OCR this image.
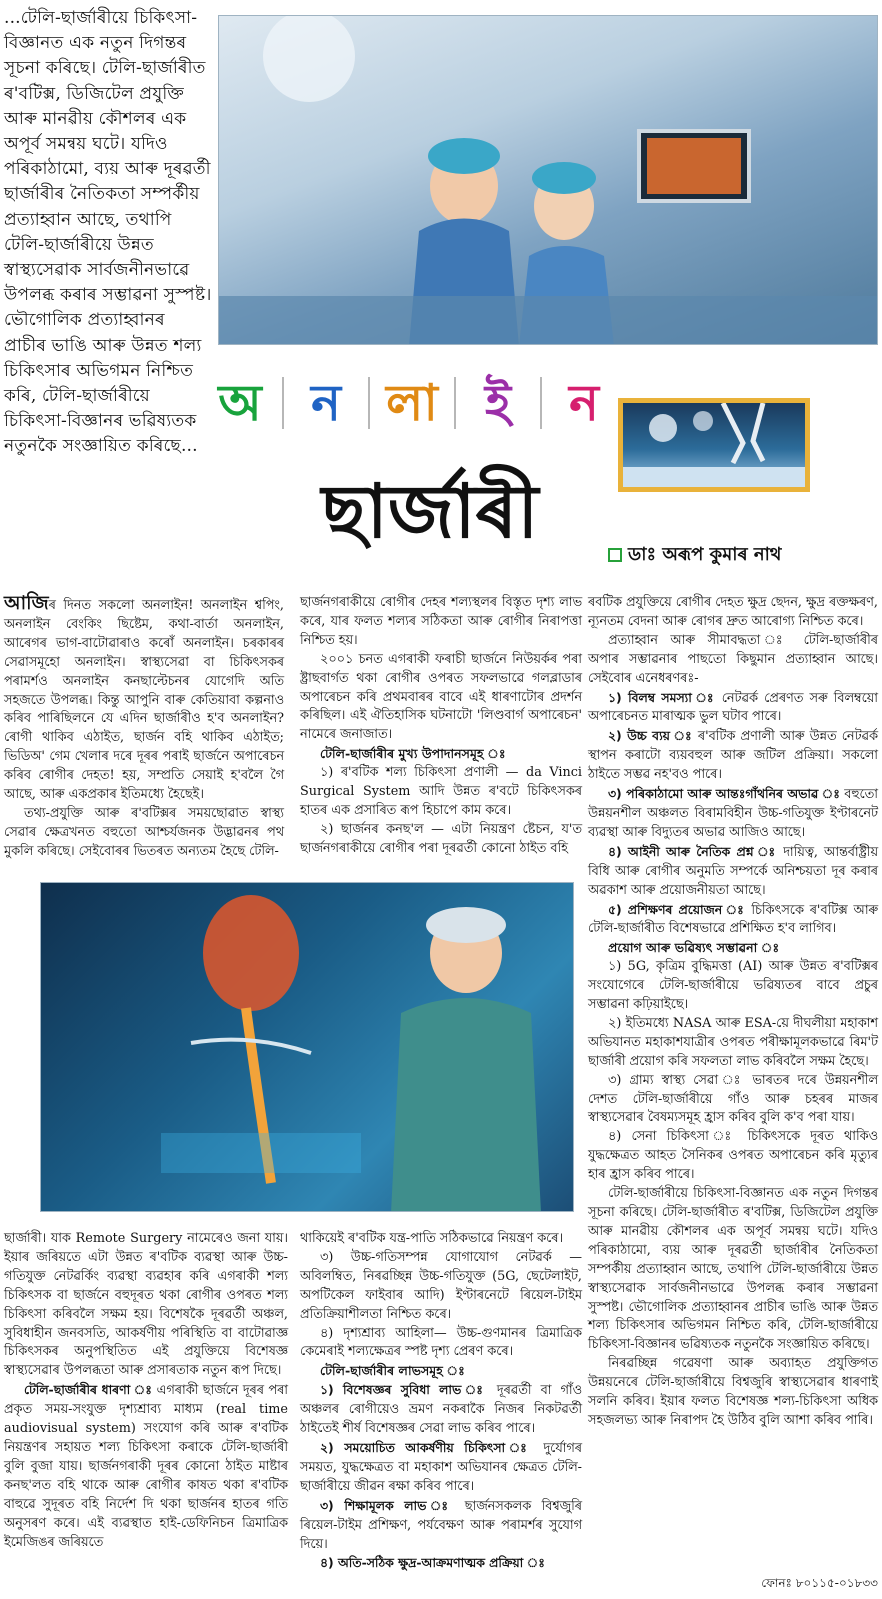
...টেলি-ছাৰ্জাৰীয়ে চিকিৎসা-বিজ্ঞানত এক নতুন দিগন্তৰ সূচনা কৰিছে। টেলি-ছাৰ্জাৰীত ৰ'বটিক্স, ডিজিটেল প্ৰযুক্তি আৰু মানৱীয় কৌশলৰ এক অপূৰ্ব সমন্বয় ঘটে। যদিও পৰিকাঠামো, ব্যয় আৰু দূৰৱৰ্তী ছাৰ্জাৰীৰ নৈতিকতা সম্পৰ্কীয় প্ৰত্যাহ্বান আছে, তথাপি টেলি-ছাৰ্জাৰীয়ে উন্নত স্বাস্থ্যসেৱাক সাৰ্বজনীনভাৱে উপলব্ধ কৰাৰ সম্ভাৱনা সুস্পষ্ট। ভৌগোলিক প্ৰত্যাহ্বানৰ প্ৰাচীৰ ভাঙি আৰু উন্নত শল্য চিকিৎসাৰ অভিগমন নিশ্চিত কৰি, টেলি-ছাৰ্জাৰীয়ে চিকিৎসা-বিজ্ঞানৰ ভৱিষ্যতক নতুনকৈ সংজ্ঞায়িত কৰিছে...
অ ন লা ই	ন
ছাৰ্জাৰী	ডাঃ অৰূপ কুমাৰ নাথ

আজিৰ দিনত সকলো অনলাইন! অনলাইন শ্বপিং, অনলাইন বেংকিং ছিষ্টেম, কথা-বাৰ্তা অনলাইন, আৰেগৰ ভাগ-বাটোৱাৰাও কৰোঁ অনলাইন। চৰকাৰৰ সেৱাসমূহো অনলাইন। স্বাস্থ্যসেৱা বা চিকিৎসকৰ পৰামৰ্শও অনলাইন কনছাল্টেচনৰ যোগেদি অতি সহজতে উপলব্ধ। কিন্তু আপুনি বাৰু কেতিয়াবা কল্পনাও কৰিব পাৰিছিলনে যে এদিন ছাৰ্জাৰীও হ'ব অনলাইন? ৰোগী থাকিব এঠাইত, ছাৰ্জন বহি থাকিব এঠাইত; ভিডিঅ' গেম খেলাৰ দৰে দূৰৰ পৰাই ছাৰ্জনে অপাৰেচন কৰিব ৰোগীৰ দেহত! হয়, সম্প্ৰতি সেয়াই হ'বলৈ গৈ আছে, আৰু একপ্ৰকাৰ ইতিমধ্যে হৈছেই।

তথ্য-প্ৰযুক্তি আৰু ৰ'বটিক্সৰ সময়ছোৱাত স্বাস্থ্য সেৱাৰ ক্ষেত্ৰখনত বহুতো আশ্চৰ্যজনক উদ্ভাৱনৰ পথ মুকলি কৰিছে। সেইবোৰৰ ভিতৰত অন্যতম হৈছে টেলি-

ছাৰ্জনগৰাকীয়ে ৰোগীৰ দেহৰ শল্যস্থলৰ বিস্তৃত দৃশ্য লাভ কৰে, যাৰ ফলত শল্যৰ সঠিকতা আৰু ৰোগীৰ নিৰাপত্তা নিশ্চিত হয়।

২০০১ চনত এগৰাকী ফৰাচী ছাৰ্জনে নিউয়ৰ্কৰ পৰা ষ্ট্ৰাছবাৰ্গত থকা ৰোগীৰ ওপৰত সফলভাৱে গলব্লাডাৰ অপাৰেচন কৰি প্ৰথমবাৰৰ বাবে এই ধাৰণাটোৰ প্ৰদৰ্শন কৰিছিল। এই ঐতিহাসিক ঘটনাটো 'লিণ্ডবাৰ্গ অপাৰেচন' নামেৰে জনাজাত।

টেলি-ছাৰ্জাৰীৰ মুখ্য উপাদানসমূহ ঃ

১) ৰ'বটিক শল্য চিকিৎসা প্ৰণালী — da Vinci Surgical System আদি উন্নত ৰ'বটে চিকিৎসকৰ হাতৰ এক প্ৰসাৰিত ৰূপ হিচাপে কাম কৰে।

২) ছাৰ্জনৰ কনছ'ল — এটা নিয়ন্ত্ৰণ ষ্টেচন, য'ত ছাৰ্জনগৰাকীয়ে ৰোগীৰ পৰা দূৰৱৰ্তী কোনো ঠাইত বহি

ৰবটিক প্ৰযুক্তিয়ে ৰোগীৰ দেহত ক্ষুদ্ৰ ছেদন, ক্ষুদ্ৰ ৰক্তক্ষৰণ, ন্যূনতম বেদনা আৰু ৰোগৰ দ্ৰুত আৰোগ্য নিশ্চিত কৰে।

প্ৰত্যাহ্বান আৰু সীমাবদ্ধতা ঃ টেলি-ছাৰ্জাৰীৰ অপাৰ সম্ভাৱনাৰ পাছতো কিছুমান প্ৰত্যাহ্বান আছে। সেইবোৰ এনেধৰণৰঃ-

১) বিলম্ব সমস্যা ঃ নেটৱৰ্ক প্ৰেৰণত সৰু বিলম্বয়ো অপাৰেচনত মাৰাত্মক ভুল ঘটাব পাৰে।

২) উচ্চ ব্যয় ঃ ৰ'বটিক প্ৰণালী আৰু উন্নত নেটৱৰ্ক স্থাপন কৰাটো ব্যয়বহুল আৰু জটিল প্ৰক্ৰিয়া। সকলো ঠাইতে সম্ভৱ নহ'বও পাৰে।

৩) পৰিকাঠামো আৰু আন্তঃগাঁথনিৰ অভাৱ ঃ বহুতো উন্নয়নশীল অঞ্চলত বিৰামবিহীন উচ্চ-গতিযুক্ত ইণ্টাৰনেট ব্যৱস্থা আৰু বিদ্যুতৰ অভাৱ আজিও আছে।

৪) আইনী আৰু নৈতিক প্ৰশ্ন ঃ দায়িত্ব, আন্তৰ্বাষ্ট্ৰীয় বিধি আৰু ৰোগীৰ অনুমতি সম্পৰ্কে অনিশ্চয়তা দূৰ কৰাৰ অৱকাশ আৰু প্ৰয়োজনীয়তা আছে।

৫) প্ৰশিক্ষণৰ প্ৰয়োজন ঃ চিকিৎসকে ৰ'বটিক্স আৰু টেলি-ছাৰ্জাৰীত বিশেষভাৱে প্ৰশিক্ষিত হ'ব লাগিব।

প্ৰয়োগ আৰু ভৱিষ্যৎ সম্ভাৱনা ঃ

১) 5G, কৃত্ৰিম বুদ্ধিমত্তা (AI) আৰু উন্নত ৰ'বটিক্সৰ সংযোগেৰে টেলি-ছাৰ্জাৰীয়ে ভৱিষ্যতৰ বাবে প্ৰচুৰ সম্ভাৱনা কঢ়িয়াইছে।

২) ইতিমধ্যে NASA আৰু ESA-য়ে দীঘলীয়া মহাকাশ অভিযানত মহাকাশযাত্ৰীৰ ওপৰত পৰীক্ষামূলকভাৱে ৰিম'ট ছাৰ্জাৰী প্ৰয়োগ কৰি সফলতা লাভ কৰিবলৈ সক্ষম হৈছে।

৩) গ্ৰাম্য স্বাস্থ্য সেৱা ঃ ভাৰতৰ দৰে উন্নয়নশীল দেশত টেলি-ছাৰ্জাৰীয়ে গাঁও আৰু চহৰৰ মাজৰ স্বাস্থ্যসেৱাৰ বৈষম্যসমূহ হ্ৰাস কৰিব বুলি ক'ব পৰা যায়।

৪) সেনা চিকিৎসা ঃ চিকিৎসকে দূৰত থাকিও যুদ্ধক্ষেত্ৰত আহত সৈনিকৰ ওপৰত অপাৰেচন কৰি মৃত্যুৰ হাৰ হ্ৰাস কৰিব পাৰে।

টেলি-ছাৰ্জাৰীয়ে চিকিৎসা-বিজ্ঞানত এক নতুন দিগন্তৰ সূচনা কৰিছে। টেলি-ছাৰ্জাৰীত ৰ'বটিক্স, ডিজিটেল প্ৰযুক্তি আৰু মানৱীয় কৌশলৰ এক অপূৰ্ব সমন্বয় ঘটে। যদিও পৰিকাঠামো, ব্যয় আৰু দূৰৱৰ্তী ছাৰ্জাৰীৰ নৈতিকতা সম্পৰ্কীয় প্ৰত্যাহ্বান আছে, তথাপি টেলি-ছাৰ্জাৰীয়ে উন্নত স্বাস্থ্যসেৱাক সাৰ্বজনীনভাৱে উপলব্ধ কৰাৰ সম্ভাৱনা সুস্পষ্ট। ভৌগোলিক প্ৰত্যাহ্বানৰ প্ৰাচীৰ ভাঙি আৰু উন্নত শল্য চিকিৎসাৰ অভিগমন নিশ্চিত কৰি, টেলি-ছাৰ্জাৰীয়ে চিকিৎসা-বিজ্ঞানৰ ভৱিষ্যতক নতুনকৈ সংজ্ঞায়িত কৰিছে।

নিৰৱচ্ছিন্ন গৱেষণা আৰু অব্যাহত প্ৰযুক্তিগত উন্নয়নেৰে টেলি-ছাৰ্জাৰীয়ে বিশ্বজুৰি স্বাস্থ্যসেৱাৰ ধাৰণাই সলনি কৰিব। ইয়াৰ ফলত বিশেষজ্ঞ শল্য-চিকিৎসা অধিক সহজলভ্য আৰু নিৰাপদ হৈ উঠিব বুলি আশা কৰিব পাৰি।

ছাৰ্জাৰী। যাক Remote Surgery নামেৰেও জনা যায়। ইয়াৰ জৰিয়তে এটা উন্নত ৰ'বটিক ব্যৱস্থা আৰু উচ্চ-গতিযুক্ত নেটৱৰ্কিং ব্যৱস্থা ব্যৱহাৰ কৰি এগৰাকী শল্য চিকিৎসক বা ছাৰ্জনে বহুদূৰত থকা ৰোগীৰ ওপৰত শল্য চিকিৎসা কৰিবলৈ সক্ষম হয়। বিশেষকৈ দূৰৱৰ্তী অঞ্চল, সুবিধাহীন জনবসতি, আকৰ্ষণীয় পৰিস্থিতি বা বাটোৱাজ্ঞ চিকিৎসকৰ অনুপস্থিতিত এই প্ৰযুক্তিয়ে বিশেষজ্ঞ স্বাস্থ্যসেৱাৰ উপলব্ধতা আৰু প্ৰসাৰতাক নতুন ৰূপ দিছে।

টেলি-ছাৰ্জাৰীৰ ধাৰণা ঃ এগৰাকী ছাৰ্জনে দূৰৰ পৰা প্ৰকৃত সময়-সংযুক্ত দৃশ্যশ্ৰাব্য মাধ্যম (real time audiovisual system) সংযোগ কৰি আৰু ৰ'বটিক নিয়ন্ত্ৰণৰ সহায়ত শল্য চিকিৎসা কৰাকে টেলি-ছাৰ্জাৰী বুলি বুজা যায়। ছাৰ্জনগৰাকী দূৰৰ কোনো ঠাইত মাষ্টাৰ কনছ'লত বহি থাকে আৰু ৰোগীৰ কাষত থকা ৰ'বটিক বাহুৱে সুদূৰত বহি নিৰ্দেশ দি থকা ছাৰ্জনৰ হাতৰ গতি অনুসৰণ কৰে। এই ব্যৱস্থাত হাই-ডেফিনিচন ত্ৰিমাত্ৰিক ইমেজিঙৰ জৰিয়তে

থাকিয়েই ৰ'বটিক যন্ত্ৰ-পাতি সঠিকভাৱে নিয়ন্ত্ৰণ কৰে।

৩) উচ্চ-গতিসম্পন্ন যোগাযোগ নেটৱৰ্ক — অবিলম্বিত, নিৰৱচ্ছিন্ন উচ্চ-গতিযুক্ত (5G, ছেটেলাইট, অপটিকেল ফাইবাৰ আদি) ইণ্টাৰনেটে ৰিয়েল-টাইম প্ৰতিক্ৰিয়াশীলতা নিশ্চিত কৰে।

৪) দৃশ্যশ্ৰাব্য আহিলা— উচ্চ-গুণমানৰ ত্ৰিমাত্ৰিক কেমেৰাই শল্যক্ষেত্ৰৰ স্পষ্ট দৃশ্য প্ৰেৰণ কৰে।

টেলি-ছাৰ্জাৰীৰ লাভসমূহ ঃ

১) বিশেষজ্ঞৰ সুবিধা লাভ ঃ দূৰৱৰ্তী বা গাঁও অঞ্চলৰ ৰোগীয়েও ভ্ৰমণ নকৰাকৈ নিজৰ নিকটৱৰ্তী ঠাইতেই শীৰ্ষ বিশেষজ্ঞৰ সেৱা লাভ কৰিব পাৰে।

২) সময়োচিত আকৰ্ষণীয় চিকিৎসা ঃ দুৰ্যোগৰ সময়ত, যুদ্ধক্ষেত্ৰত বা মহাকাশ অভিযানৰ ক্ষেত্ৰত টেলি-ছাৰ্জাৰীয়ে জীৱন ৰক্ষা কৰিব পাৰে।

৩) শিক্ষামূলক লাভ ঃ ছাৰ্জনসকলক বিশ্বজুৰি ৰিয়েল-টাইম প্ৰশিক্ষণ, পৰ্যবেক্ষণ আৰু পৰামৰ্শৰ সুযোগ দিয়ে।

৪) অতি-সঠিক ক্ষুদ্ৰ-আক্ৰমণাত্মক প্ৰক্ৰিয়া ঃ

ফোনঃ ৮০১১৫-০১৮৩৩
